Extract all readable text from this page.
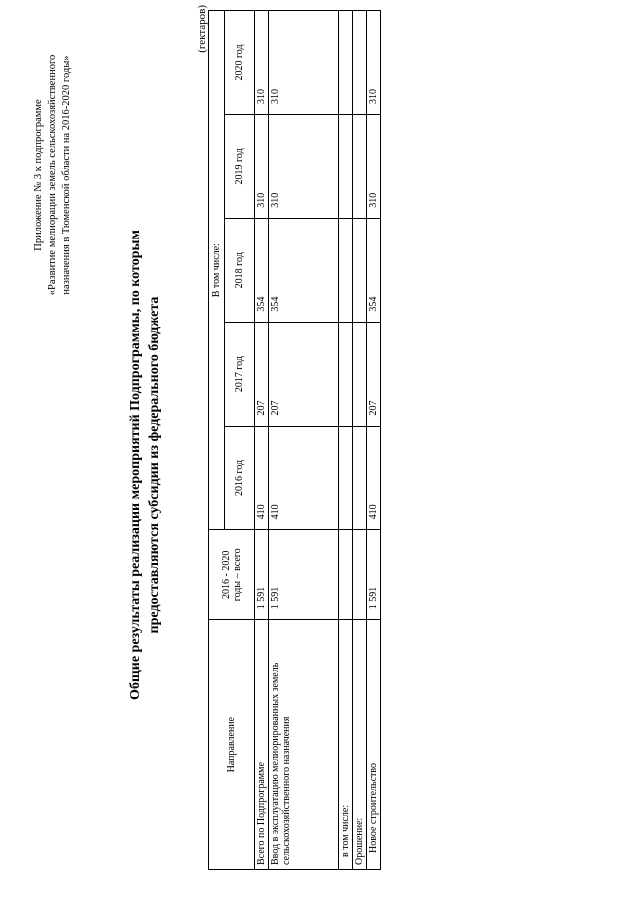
Приложение № 3 к подпрограмме «Развитие мелиорации земель сельскохозяйственного назначения в Тюменской области на 2016-2020 годы»
Общие результаты реализации мероприятий Подпрограммы, по которым предоставляются субсидии из федерального бюджета
(гектаров)
Направление	2016 - 2020 годы – всего	В том числе:				
		2016 год	2017 год	2018 год	2019 год	2020 год
Всего по Подпрограмме	1 591	410	207	354	310	310
Ввод в эксплуатацию мелиорированных земель сельскохозяйственного назначения	1 591	410	207	354	310	310
в том числе:						
Орошение:						
Новое строительство	1 591	410	207	354	310	310
